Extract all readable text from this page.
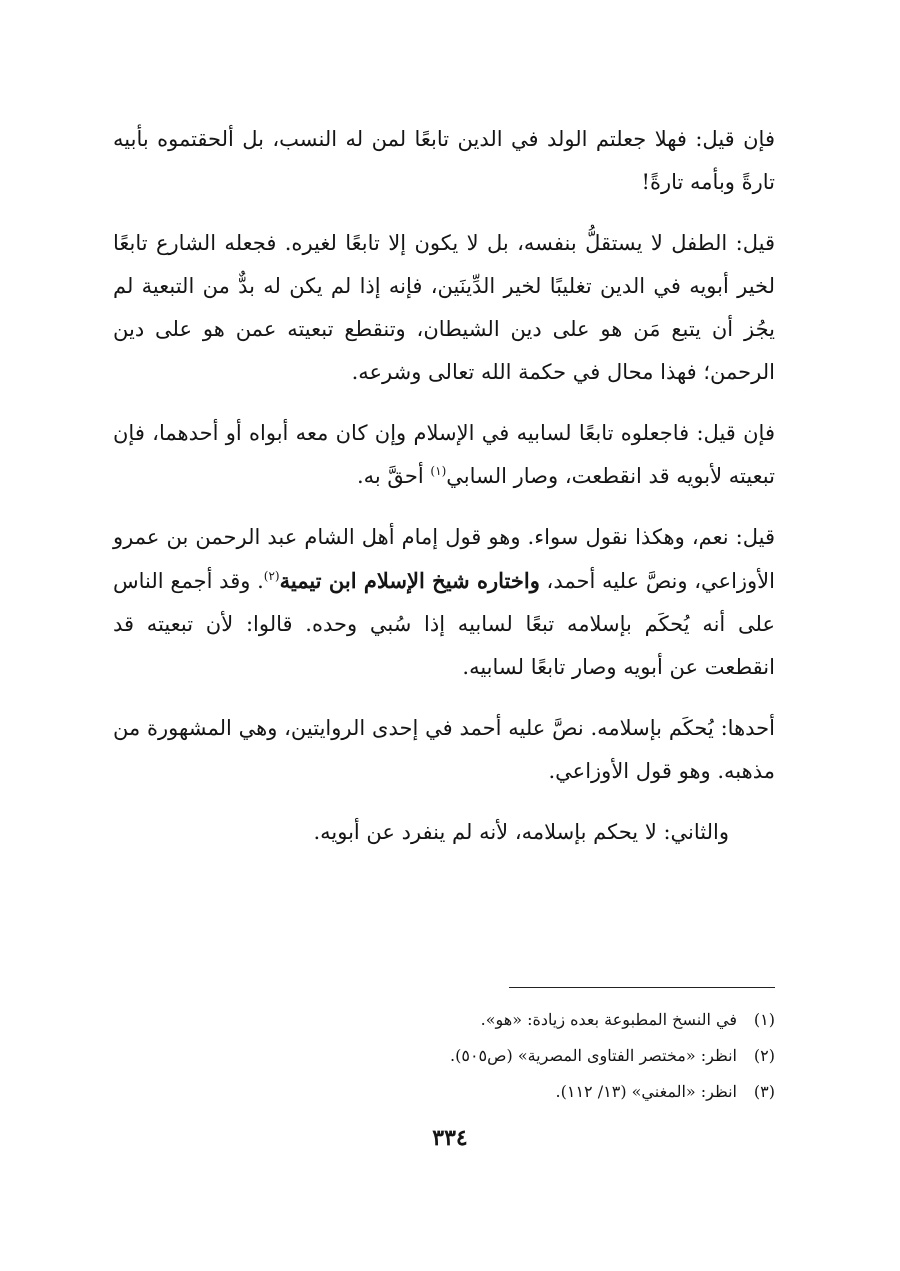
فإن قيل: فهلا جعلتم الولد في الدين تابعًا لمن له النسب، بل ألحقتموه بأبيه تارةً وبأمه تارةً!

قيل: الطفل لا يستقلُّ بنفسه، بل لا يكون إلا تابعًا لغيره. فجعله الشارع تابعًا لخير أبويه في الدين تغليبًا لخير الدِّينَين، فإنه إذا لم يكن له بدٌّ من التبعية لم يجُز أن يتبع مَن هو على دين الشيطان، وتنقطع تبعيته عمن هو على دين الرحمن؛ فهذا محال في حكمة الله تعالى وشرعه.

فإن قيل: فاجعلوه تابعًا لسابيه في الإسلام وإن كان معه أبواه أو أحدهما، فإن تبعيته لأبويه قد انقطعت، وصار السابي$^{(١)}$ أحقَّ به.

قيل: نعم، وهكذا نقول سواء. وهو قول إمام أهل الشام عبد الرحمن بن عمرو الأوزاعي، ونصَّ عليه أحمد، واختاره شيخ الإسلام ابن تيمية$^{(٢)}$. وقد أجمع الناس على أنه يُحكَم بإسلامه تبعًا لسابيه إذا سُبي وحده. قالوا: لأن تبعيته قد انقطعت عن أبويه وصار تابعًا لسابيه.

أحدها: يُحكَم بإسلامه. نصَّ عليه أحمد في إحدى الروايتين، وهي المشهورة من مذهبه. وهو قول الأوزاعي.

والثاني: لا يحكم بإسلامه، لأنه لم ينفرد عن أبويه.

(١)
في النسخ المطبوعة بعده زيادة: «هو».
(٢)
انظر: «مختصر الفتاوى المصرية» (ص٥٠٥).
(٣)
انظر: «المغني» (١٣/ ١١٢).
٣٣٤
